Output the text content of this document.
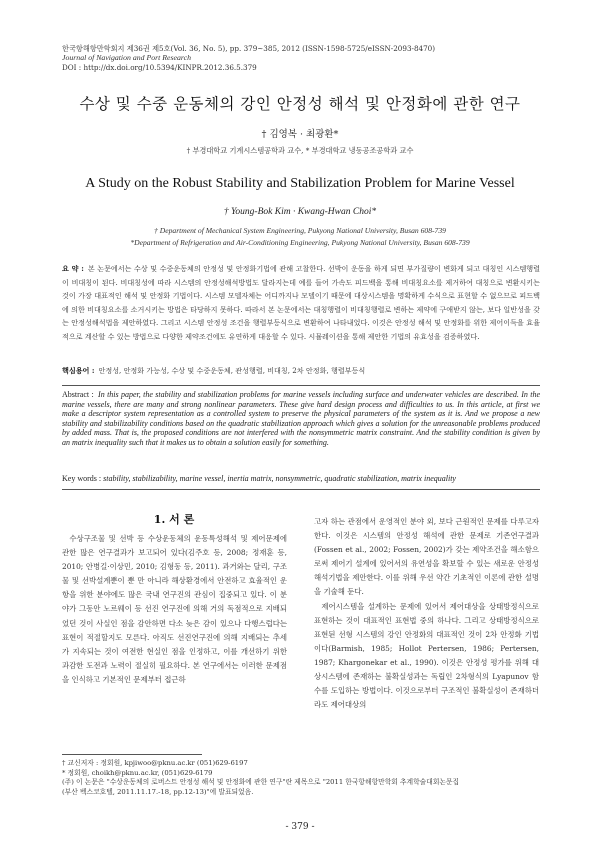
한국항해항만학회지 제36권 제5호(Vol. 36, No. 5), pp. 379~385, 2012 (ISSN-1598-5725/eISSN-2093-8470)
Journal of Navigation and Port Research
DOI : http://dx.doi.org/10.5394/KINPR.2012.36.5.379
수상 및 수중 운동체의 강인 안정성 해석 및 안정화에 관한 연구
† 김영복 · 최광환*
† 부경대학교 기계시스템공학과 교수, * 부경대학교 냉동공조공학과 교수
A Study on the Robust Stability and Stabilization Problem for Marine Vessel
† Young-Bok Kim · Kwang-Hwan Choi*
† Department of Mechanical System Engineering, Pukyong National University, Busan 608-739
*Department of Refrigeration and Air-Conditioning Engineering, Pukyong National University, Busan 608-739
요 약 : 본 논문에서는 수상 및 수중운동체의 안정성 및 안정화기법에 관해 고찰한다. 선박이 운동을 하게 되면 부가질량이 변화게 되고 대칭인 시스템행렬이 비대칭이 된다. 비대칭성에 따라 시스템의 안정성해석방법도 달라지는데 예를 들어 가속도 피드백을 통해 비대칭요소를 제거하여 대칭으로 변환시키는 것이 가장 대표적인 해석 및 안정화 기법이다. 시스템 모델자체는 어디까지나 모델이기 때문에 대상시스템을 명확하게 수식으로 표현할 수 없으므로 피드백에 의한 비대칭요소를 소거시키는 방법은 타당하지 못하다. 따라서 본 논문에서는 대칭행렬이 비대칭행렬로 변하는 제약에 구애받지 않는, 보다 일반성을 갖는 안정성해석법을 제안하였다. 그리고 시스템 안정성 조건을 행렬부등식으로 변환하여 나타내었다. 이것은 안정성 해석 및 안정화를 위한 제어이득을 효율적으로 계산할 수 있는 방법으로 다양한 제약조건에도 유연하게 대응할 수 있다. 시뮬레이션을 통해 제안한 기법의 유효성을 검증하였다.
핵심용어 : 안정성, 안정화 가능성, 수상 및 수중운동체, 관성행렬, 비대칭, 2차 안정화, 행렬부등식
Abstract : In this paper, the stability and stabilization problems for marine vessels including surface and underwater vehicles are described. In the marine vessels, there are many and strong nonlinear parameters. These give hard design process and difficulties to us. In this article, at first we make a descriptor system representation as a controlled system to preserve the physical parameters of the system as it is. And we propose a new stability and stabilizability conditions based on the quadratic stabilization approach which gives a solution for the unreasonable problems produced by added mass. That is, the proposed conditions are not interfered with the nonsymmetric matrix constraint. And the stability condition is given by an matrix inequality such that it makes us to obtain a solution easily for something.
Key words : stability, stabilizability, marine vessel, inertia matrix, nonsymmetric, quadratic stabilization, matrix inequality
1. 서 론

수상구조물 및 선박 등 수상운동체의 운동특성해석 및 제어문제에 관한 많은 연구결과가 보고되어 있다(김주호 등, 2008; 정재훈 등, 2010; 안병길·이상민, 2010; 김형동 등, 2011). 과거와는 달리, 구조물 및 선박설계뿐이 뿐 만 아니라 해상환경에서 안전하고 효율적인 운항을 위한 분야에도 많은 국내 연구진의 관심이 집중되고 있다. 이 분야가 그동안 노르웨이 등 선진 연구진에 의해 거의 독점적으로 지배되었던 것이 사실인 점을 감안하면 다소 늦은 감이 있으나 다행스럽다는 표현이 적절할지도 모른다. 아직도 선진연구진에 의해 지배되는 추세가 지속되는 것이 여전한 현실인 점을 인정하고, 이를 개선하기 위한 과감한 도전과 노력이 절실히 필요하다. 본 연구에서는 이러한 문제점을 인식하고 기본적인 문제부터 접근하

고자 하는 관점에서 운영적인 분야 외, 보다 근원적인 문제를 다루고자 한다. 이것은 시스템의 안정성 해석에 관한 문제로 기존연구결과(Fossen et al., 2002; Fossen, 2002)가 갖는 제약조건을 해소함으로써 제어기 설계에 있어서의 유연성을 확보할 수 있는 새로운 안정성 해석기법을 제안한다. 이를 위해 우선 약간 기초적인 이론에 관한 설명을 기술해 둔다.

제어시스템을 설계하는 문제에 있어서 제어대상을 상태방정식으로 표현하는 것이 대표적인 표현법 중의 하나다. 그리고 상태방정식으로 표현된 선형 시스템의 강인 안정화의 대표적인 것이 2차 안정화 기법이다(Barmish, 1985; Hollot Pertersen, 1986; Pertersen, 1987; Khargonekar et al., 1990). 이것은 안정성 평가를 위해 대상시스템에 존재하는 불확실성과는 독립인 2차형식의 Lyapunov 함수를 도입하는 방법이다. 이것으로부터 구조적인 불확실성이 존재하더라도 제어대상의

† 교신저자 : 정회원, kpjiwoo@pknu.ac.kr (051)629-6197
* 정회원, choikh@pknu.ac.kr, (051)629-6179
(주) 이 논문은 "수상운동체의 로버스트 안정성 해석 및 안정화에 관한 연구"란 제목으로 "2011 한국항해항만학회 추계학술대회논문집
(부산 벡스코호텔, 2011.11.17.-18, pp.12-13)"에 발표되었음.
- 379 -
